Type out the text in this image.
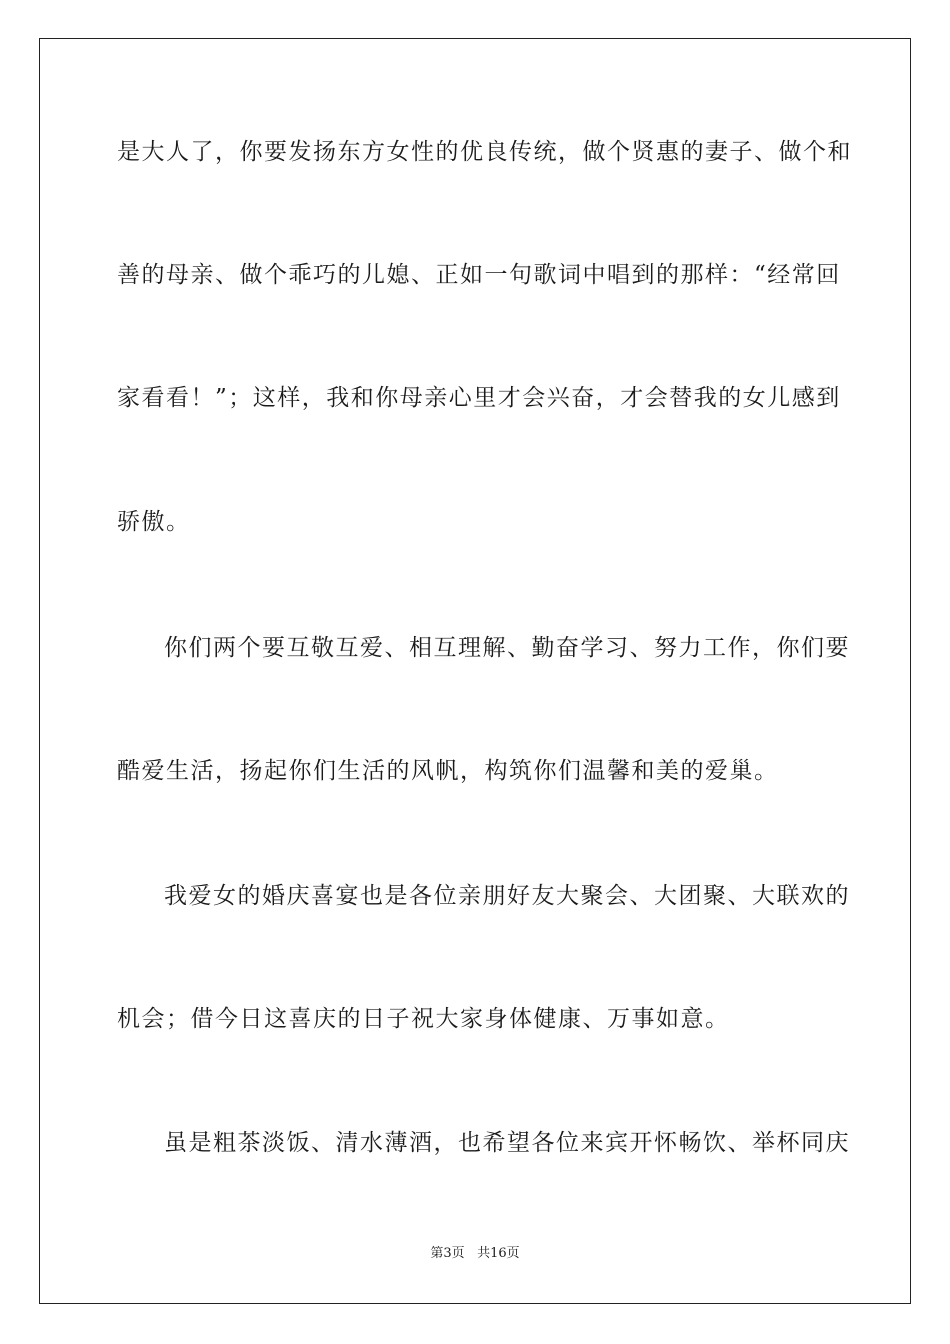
是大人了，你要发扬东方女性的优良传统，做个贤惠的妻子、做个和
善的母亲、做个乖巧的儿媳、正如一句歌词中唱到的那样：“经常回
家看看！”；这样，我和你母亲心里才会兴奋，才会替我的女儿感到
骄傲。
你们两个要互敬互爱、相互理解、勤奋学习、努力工作，你们要
酷爱生活，扬起你们生活的风帆，构筑你们温馨和美的爱巢。
我爱女的婚庆喜宴也是各位亲朋好友大聚会、大团聚、大联欢的
机会；借今日这喜庆的日子祝大家身体健康、万事如意。
虽是粗茶淡饭、清水薄酒，也希望各位来宾开怀畅饮、举杯同庆
第3页 共16页
